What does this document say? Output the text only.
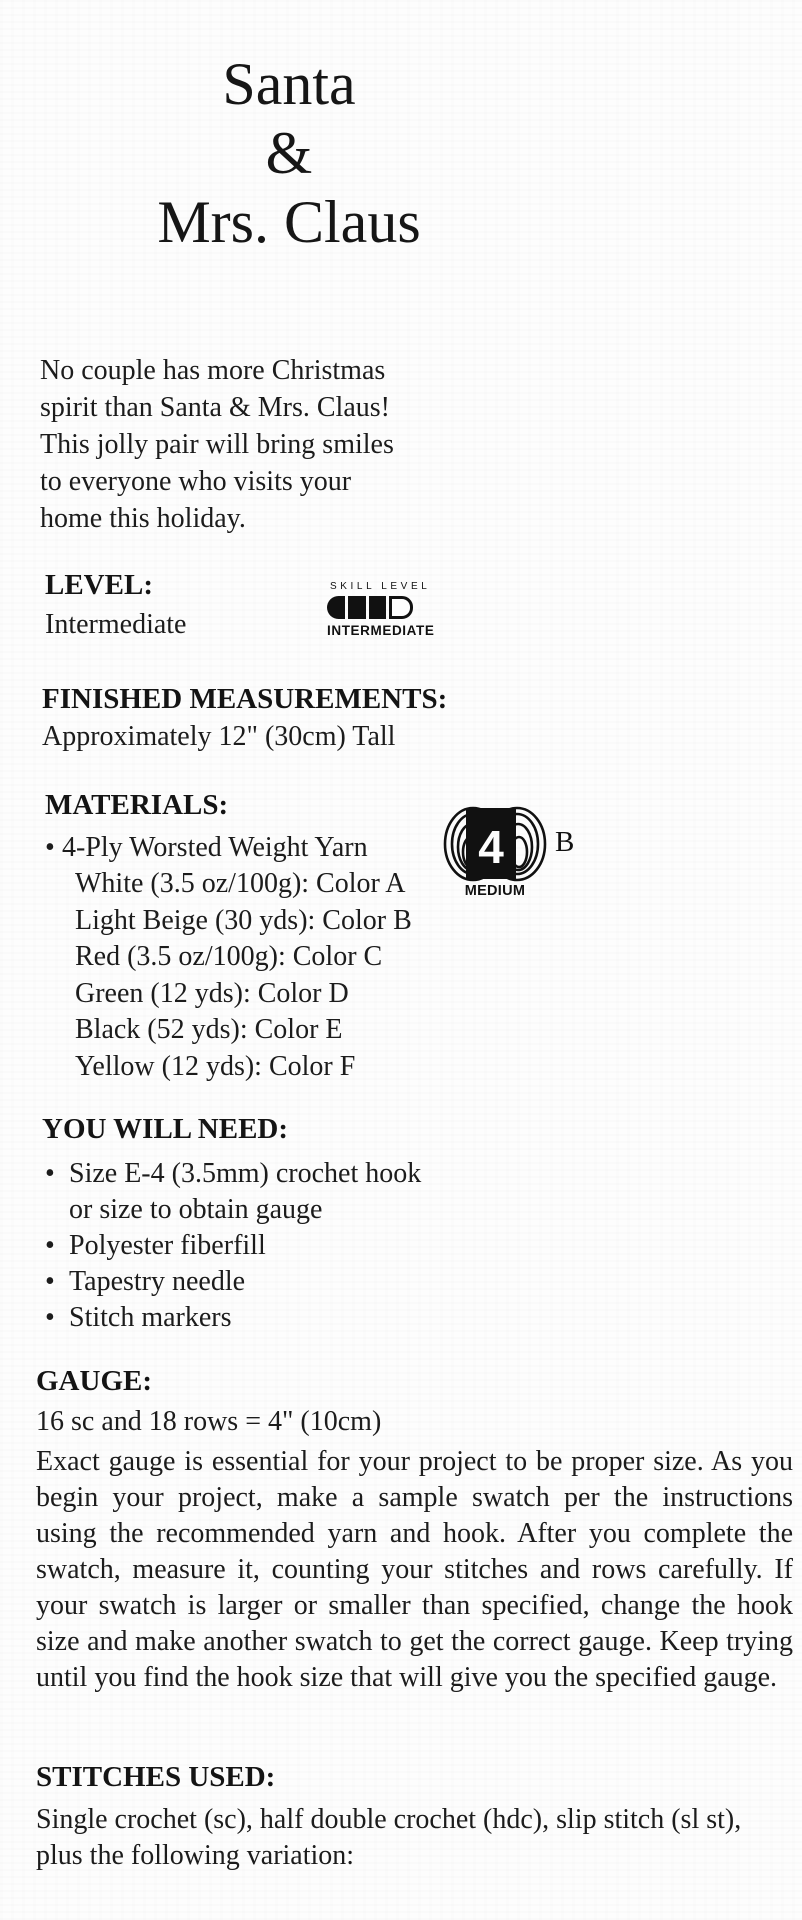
Santa
&
Mrs. Claus

No couple has more Christmas spirit than Santa & Mrs. Claus! This jolly pair will bring smiles to everyone who visits your home this holiday.

LEVEL:
Intermediate
SKILL LEVEL
INTERMEDIATE
FINISHED MEASUREMENTS:
Approximately 12" (30cm) Tall
MATERIALS:
• 4-Ply Worsted Weight Yarn
White (3.5 oz/100g): Color A
Light Beige (30 yds): Color B
Red (3.5 oz/100g): Color C
Green (12 yds): Color D
Black (52 yds): Color E
Yellow (12 yds): Color F
4
MEDIUM
B
YOU WILL NEED:
• Size E-4 (3.5mm) crochet hook or size to obtain gauge
• Polyester fiberfill
• Tapestry needle
• Stitch markers
GAUGE:
16 sc and 18 rows = 4" (10cm)
Exact gauge is essential for your project to be proper size. As you begin your project, make a sample swatch per the instructions using the recommended yarn and hook. After you complete the swatch, measure it, counting your stitches and rows carefully. If your swatch is larger or smaller than specified, change the hook size and make another swatch to get the correct gauge. Keep trying until you find the hook size that will give you the specified gauge.
STITCHES USED:
Single crochet (sc), half double crochet (hdc), slip stitch (sl st), plus the following variation:
